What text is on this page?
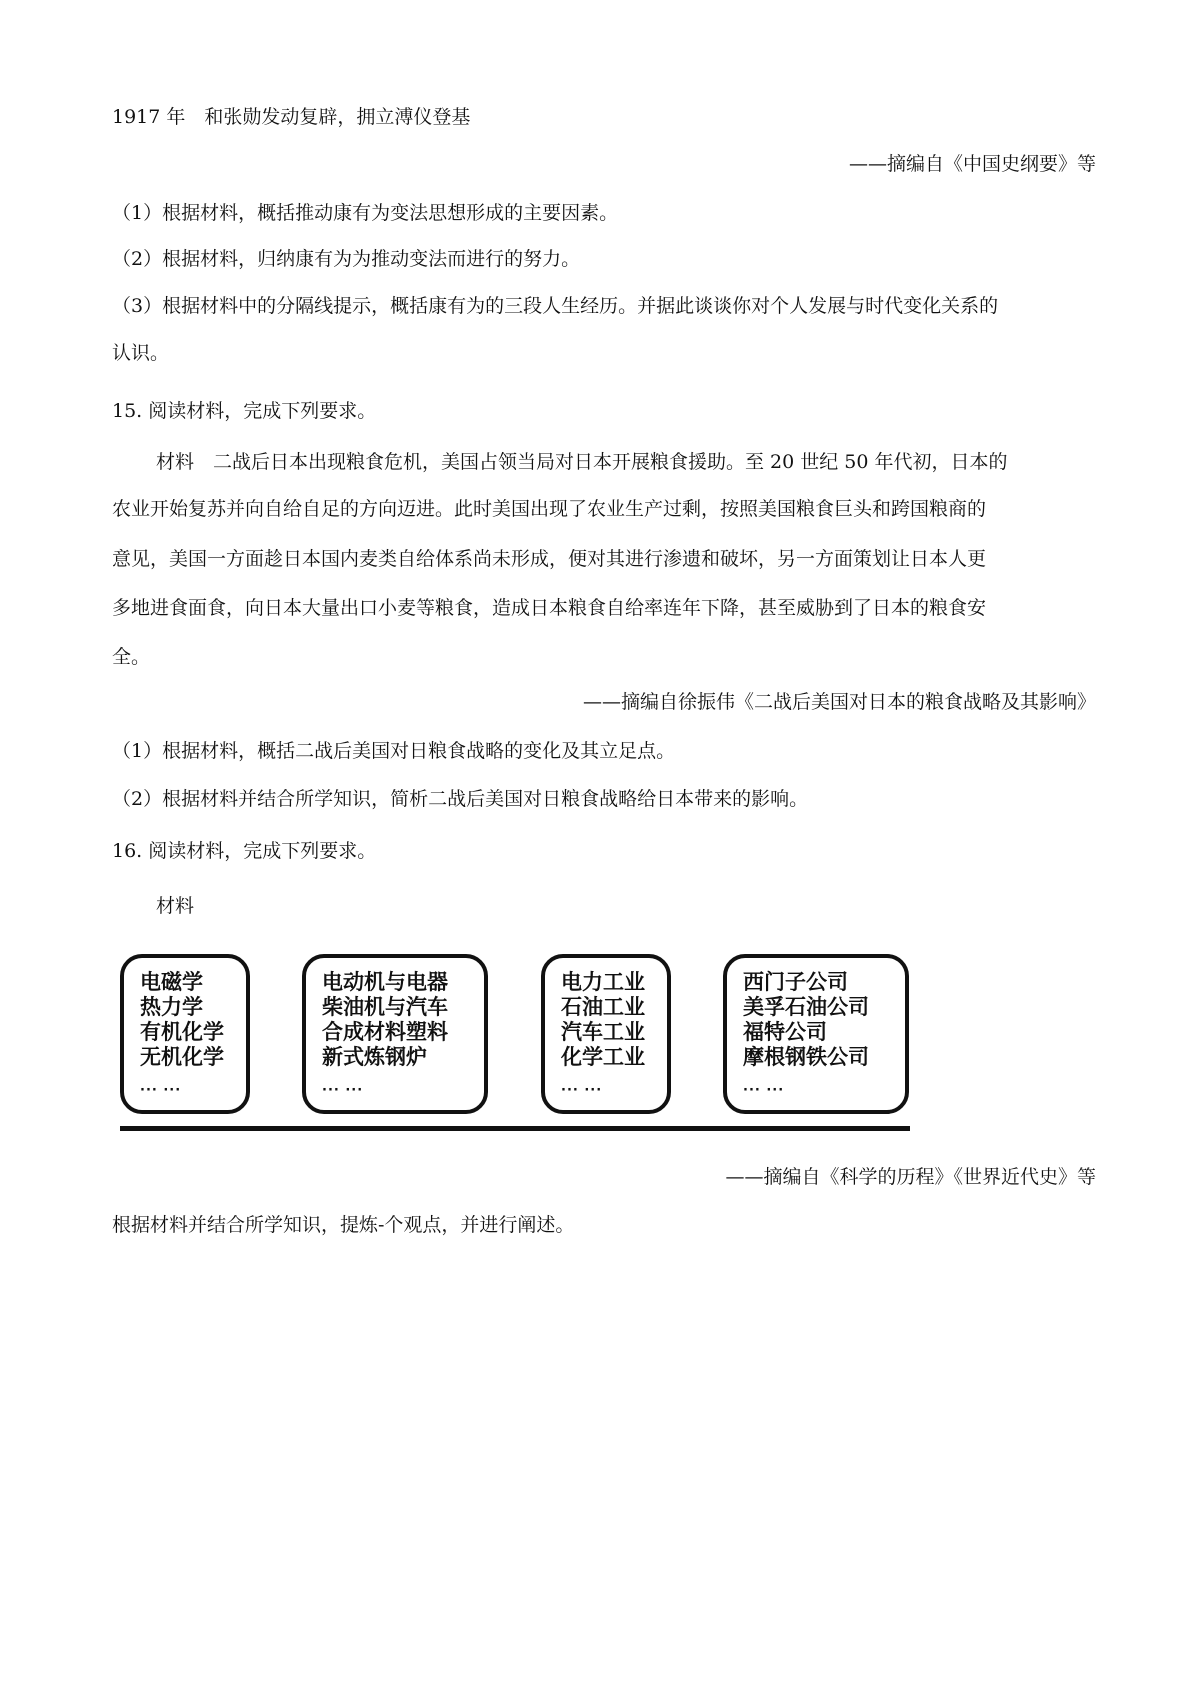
1917 年　和张勋发动复辟，拥立溥仪登基
——摘编自《中国史纲要》等
（1）根据材料，概括推动康有为变法思想形成的主要因素。
（2）根据材料，归纳康有为为推动变法而进行的努力。
（3）根据材料中的分隔线提示，概括康有为的三段人生经历。并据此谈谈你对个人发展与时代变化关系的
认识。
15. 阅读材料，完成下列要求。
材料　二战后日本出现粮食危机，美国占领当局对日本开展粮食援助。至 20 世纪 50 年代初，日本的
农业开始复苏并向自给自足的方向迈进。此时美国出现了农业生产过剩，按照美国粮食巨头和跨国粮商的
意见，美国一方面趁日本国内麦类自给体系尚未形成，便对其进行渗遗和破坏，另一方面策划让日本人更
多地进食面食，向日本大量出口小麦等粮食，造成日本粮食自给率连年下降，甚至威胁到了日本的粮食安
全。
——摘编自徐振伟《二战后美国对日本的粮食战略及其影响》
（1）根据材料，概括二战后美国对日粮食战略的变化及其立足点。
（2）根据材料并结合所学知识，简析二战后美国对日粮食战略给日本带来的影响。
16. 阅读材料，完成下列要求。
材料
电磁学
热力学
有机化学
无机化学
··· ···
电动机与电器
柴油机与汽车
合成材料塑料
新式炼钢炉
··· ···
电力工业
石油工业
汽车工业
化学工业
··· ···
西门子公司
美孚石油公司
福特公司
摩根钢铁公司
··· ···
——摘编自《科学的历程》《世界近代史》等
根据材料并结合所学知识，提炼-个观点，并进行阐述。
